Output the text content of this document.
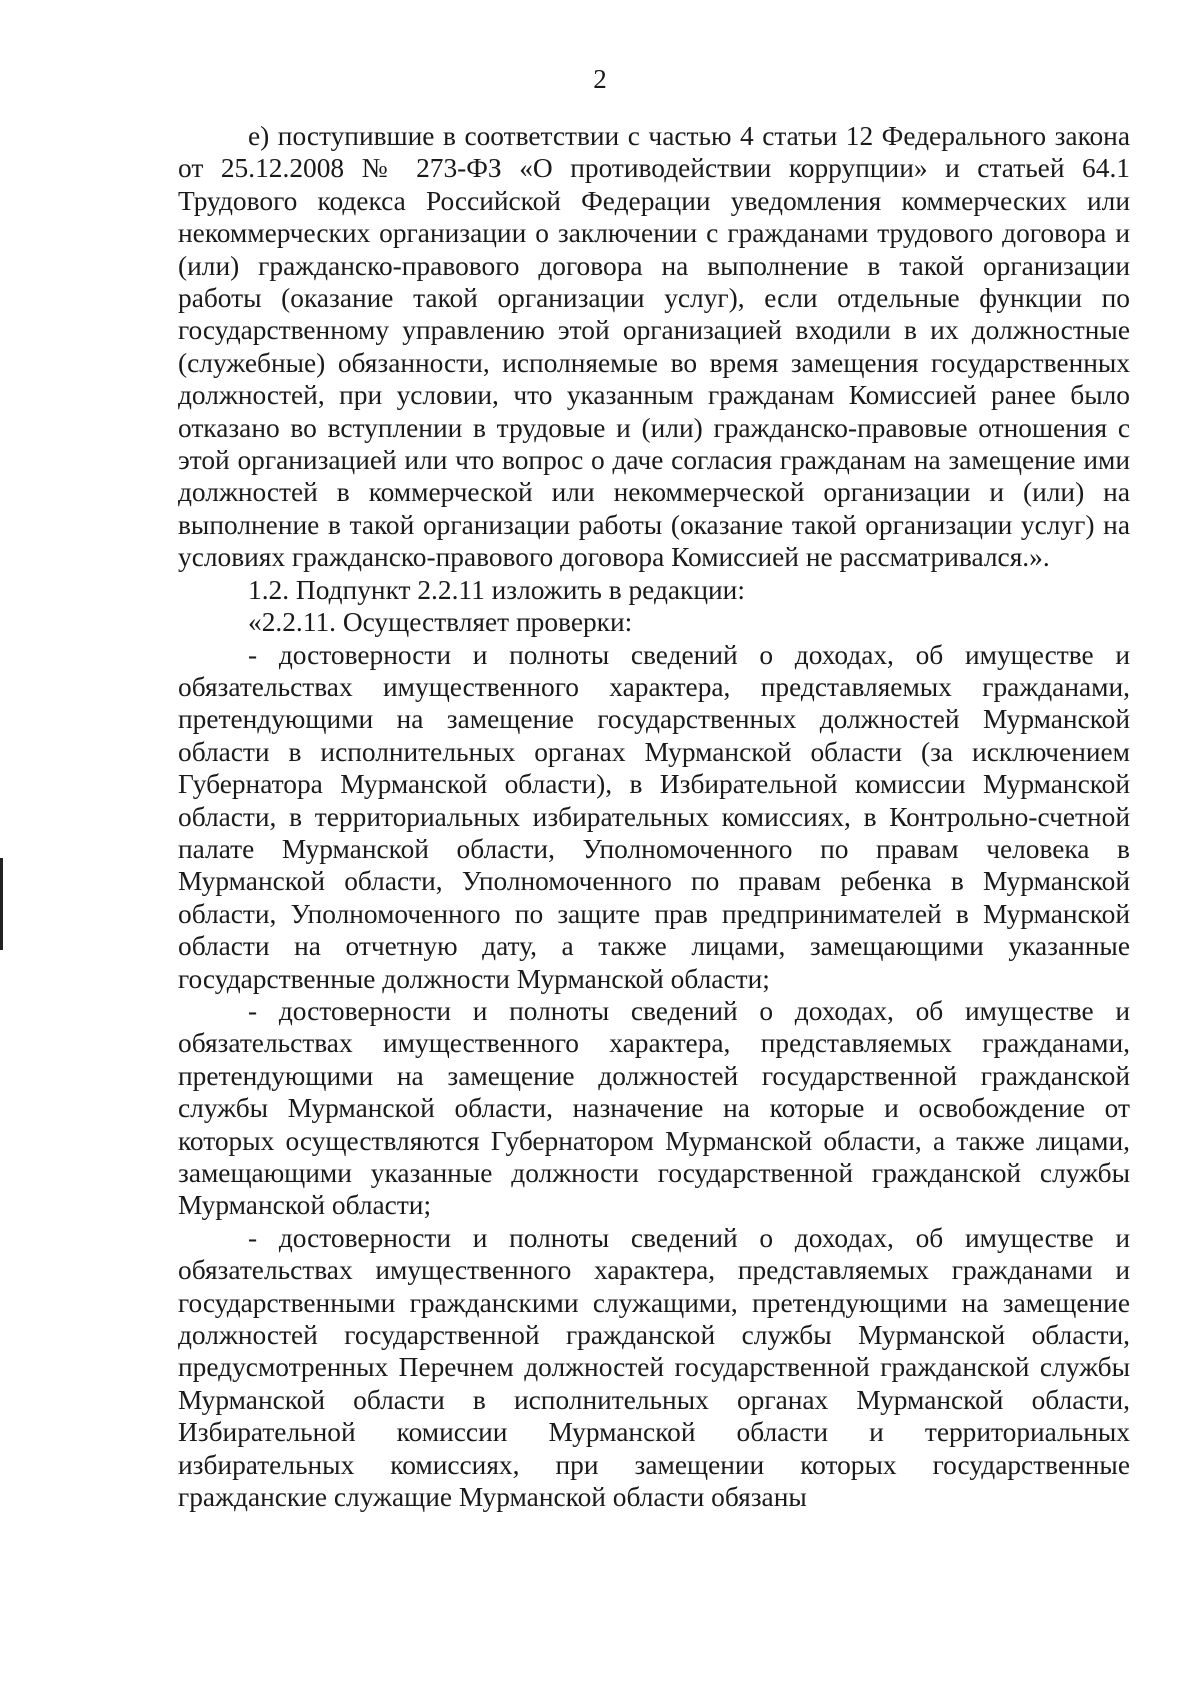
2

е) поступившие в соответствии с частью 4 статьи 12 Федерального закона от 25.12.2008 № 273-ФЗ «О противодействии коррупции» и статьей 64.1 Трудового кодекса Российской Федерации уведомления коммерческих или некоммерческих организации о заключении с гражданами трудового договора и (или) гражданско-правового договора на выполнение в такой организации работы (оказание такой организации услуг), если отдельные функции по государственному управлению этой организацией входили в их должностные (служебные) обязанности, исполняемые во время замещения государственных должностей, при условии, что указанным гражданам Комиссией ранее было отказано во вступлении в трудовые и (или) гражданско-правовые отношения с этой организацией или что вопрос о даче согласия гражданам на замещение ими должностей в коммерческой или некоммерческой организации и (или) на выполнение в такой организации работы (оказание такой организации услуг) на условиях гражданско-правового договора Комиссией не рассматривался.».

1.2. Подпункт 2.2.11 изложить в редакции:

«2.2.11. Осуществляет проверки:

- достоверности и полноты сведений о доходах, об имуществе и обязательствах имущественного характера, представляемых гражданами, претендующими на замещение государственных должностей Мурманской области в исполнительных органах Мурманской области (за исключением Губернатора Мурманской области), в Избирательной комиссии Мурманской области, в территориальных избирательных комиссиях, в Контрольно-счетной палате Мурманской области, Уполномоченного по правам человека в Мурманской области, Уполномоченного по правам ребенка в Мурманской области, Уполномоченного по защите прав предпринимателей в Мурманской области на отчетную дату, а также лицами, замещающими указанные государственные должности Мурманской области;

- достоверности и полноты сведений о доходах, об имуществе и обязательствах имущественного характера, представляемых гражданами, претендующими на замещение должностей государственной гражданской службы Мурманской области, назначение на которые и освобождение от которых осуществляются Губернатором Мурманской области, а также лицами, замещающими указанные должности государственной гражданской службы Мурманской области;

- достоверности и полноты сведений о доходах, об имуществе и обязательствах имущественного характера, представляемых гражданами и государственными гражданскими служащими, претендующими на замещение должностей государственной гражданской службы Мурманской области, предусмотренных Перечнем должностей государственной гражданской службы Мурманской области в исполнительных органах Мурманской области, Избирательной комиссии Мурманской области и территориальных избирательных комиссиях, при замещении которых государственные гражданские служащие Мурманской области обязаны
